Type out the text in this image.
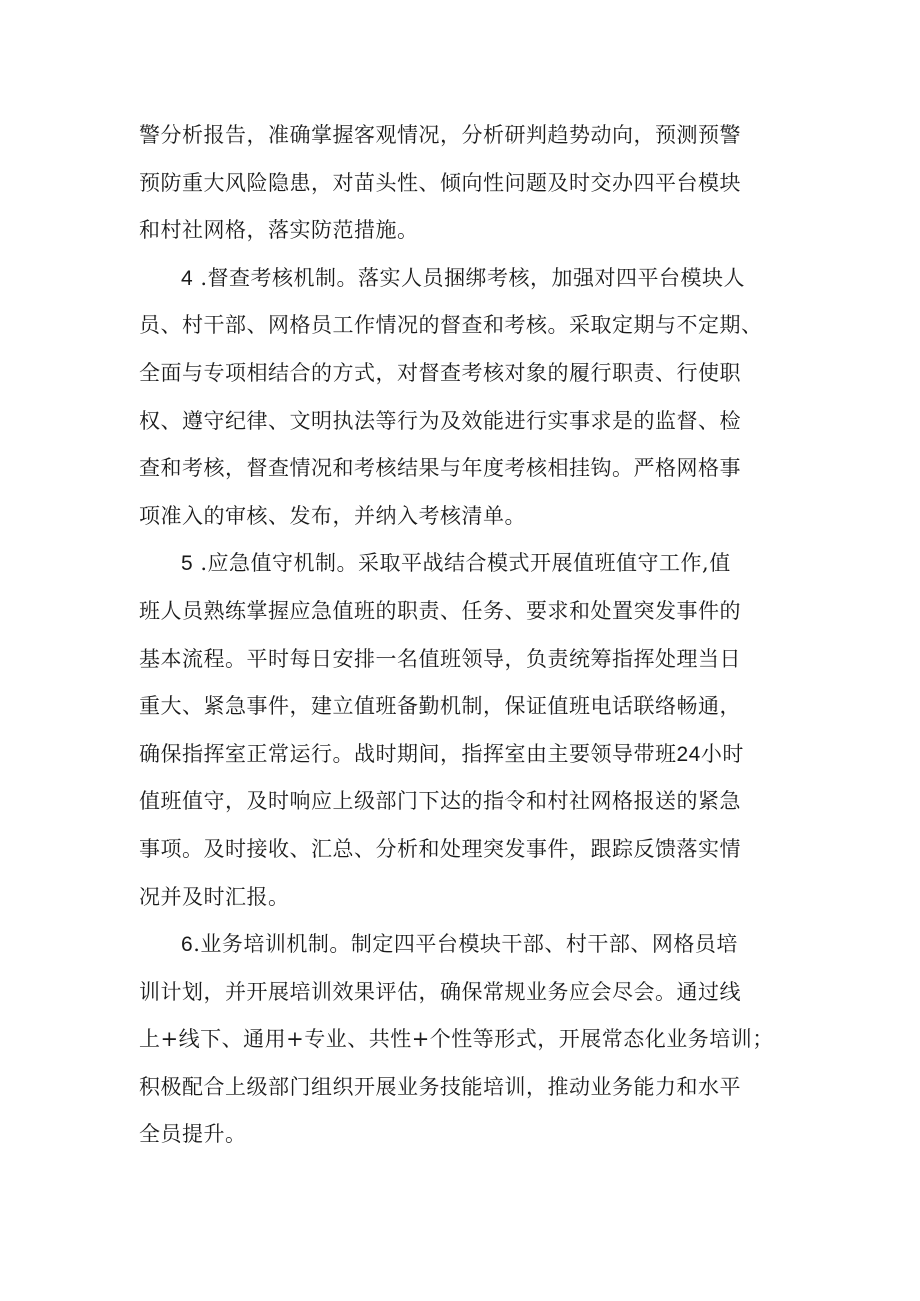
警分析报告，准确掌握客观情况，分析研判趋势动向，预测预警
预防重大风险隐患，对苗头性、倾向性问题及时交办四平台模块
和村社网格，落实防范措施。
4 .督查考核机制。落实人员捆绑考核，加强对四平台模块人
员、村干部、网格员工作情况的督查和考核。采取定期与不定期、
全面与专项相结合的方式，对督查考核对象的履行职责、行使职
权、遵守纪律、文明执法等行为及效能进行实事求是的监督、检
查和考核，督查情况和考核结果与年度考核相挂钩。严格网格事
项准入的审核、发布，并纳入考核清单。
5 .应急值守机制。采取平战结合模式开展值班值守工作,值
班人员熟练掌握应急值班的职责、任务、要求和处置突发事件的
基本流程。平时每日安排一名值班领导，负责统筹指挥处理当日
重大、紧急事件，建立值班备勤机制，保证值班电话联络畅通，
确保指挥室正常运行。战时期间，指挥室由主要领导带班24小时
值班值守，及时响应上级部门下达的指令和村社网格报送的紧急
事项。及时接收、汇总、分析和处理突发事件，跟踪反馈落实情
况并及时汇报。
6.业务培训机制。制定四平台模块干部、村干部、网格员培
训计划，并开展培训效果评估，确保常规业务应会尽会。通过线
上+线下、通用+专业、共性+个性等形式，开展常态化业务培训；
积极配合上级部门组织开展业务技能培训，推动业务能力和水平
全员提升。
